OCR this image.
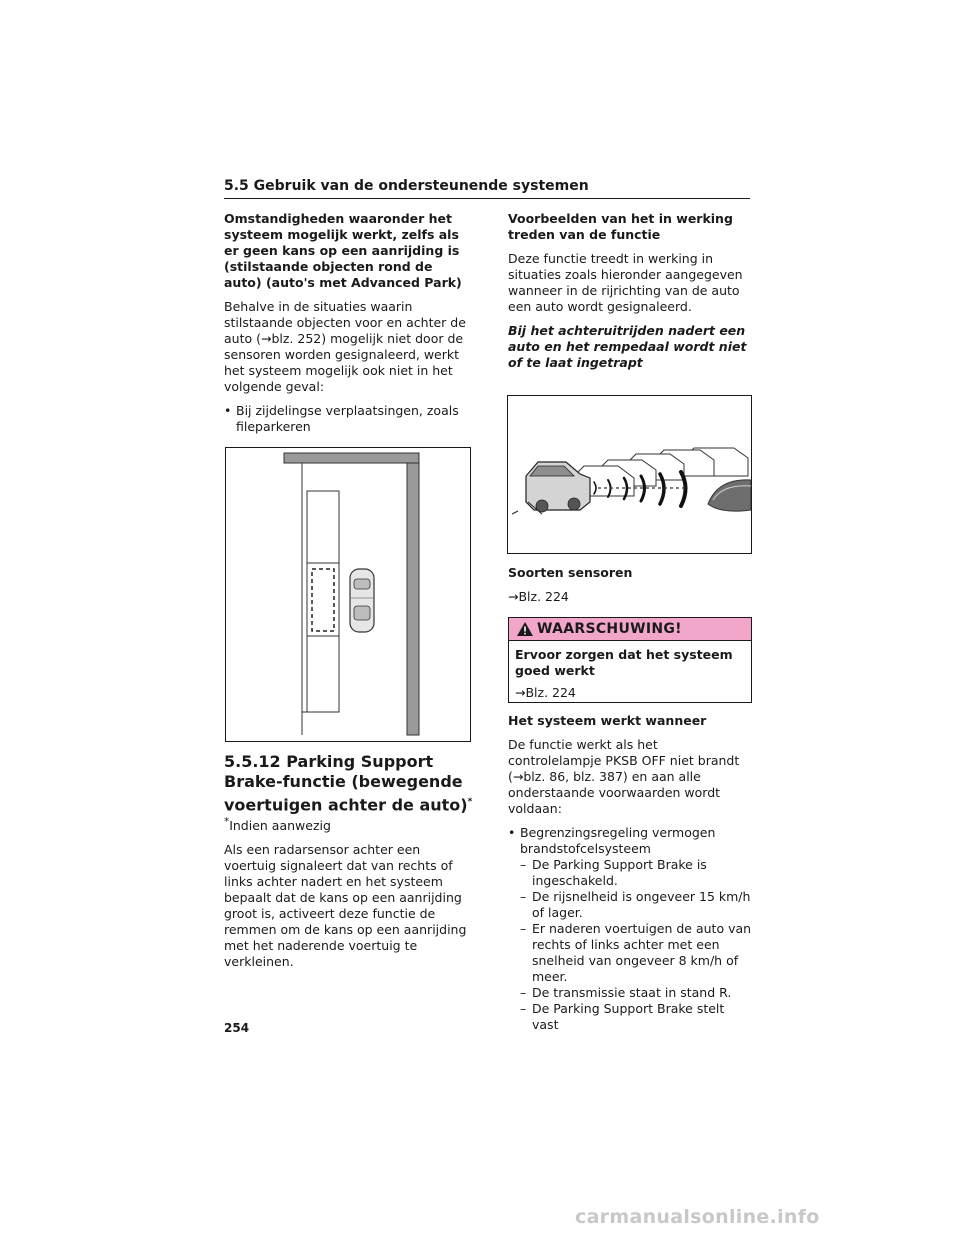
5.5 Gebruik van de ondersteunende systemen

Omstandigheden waaronder het systeem mogelijk werkt, zelfs als er geen kans op een aanrijding is (stilstaande objecten rond de auto) (auto's met Advanced Park)

Behalve in de situaties waarin stilstaande objecten voor en achter de auto (→blz. 252) mogelijk niet door de sensoren worden gesignaleerd, werkt het systeem mogelijk ook niet in het volgende geval:

• Bij zijdelingse verplaatsingen, zoals fileparkeren
5.5.12 Parking Support
Brake-functie (bewegende
voertuigen achter de auto)*

*Indien aanwezig

Als een radarsensor achter een voertuig signaleert dat van rechts of links achter nadert en het systeem bepaalt dat de kans op een aanrijding groot is, activeert deze functie de remmen om de kans op een aanrijding met het naderende voertuig te verkleinen.

Voorbeelden van het in werking treden van de functie

Deze functie treedt in werking in situaties zoals hieronder aangegeven wanneer in de rijrichting van de auto een auto wordt gesignaleerd.

Bij het achteruitrijden nadert een auto en het rempedaal wordt niet of te laat ingetrapt

Soorten sensoren

→Blz. 224

WAARSCHUWING!

Ervoor zorgen dat het systeem goed werkt

→Blz. 224

Het systeem werkt wanneer

De functie werkt als het controlelampje PKSB OFF niet brandt (→blz. 86, blz. 387) en aan alle onderstaande voorwaarden wordt voldaan:

• Begrenzingsregeling vermogen brandstofcelsysteem
– De Parking Support Brake is ingeschakeld.
– De rijsnelheid is ongeveer 15 km/h of lager.
– Er naderen voertuigen de auto van rechts of links achter met een snelheid van ongeveer 8 km/h of meer.
– De transmissie staat in stand R.
– De Parking Support Brake stelt vast
254
carmanualsonline.info
